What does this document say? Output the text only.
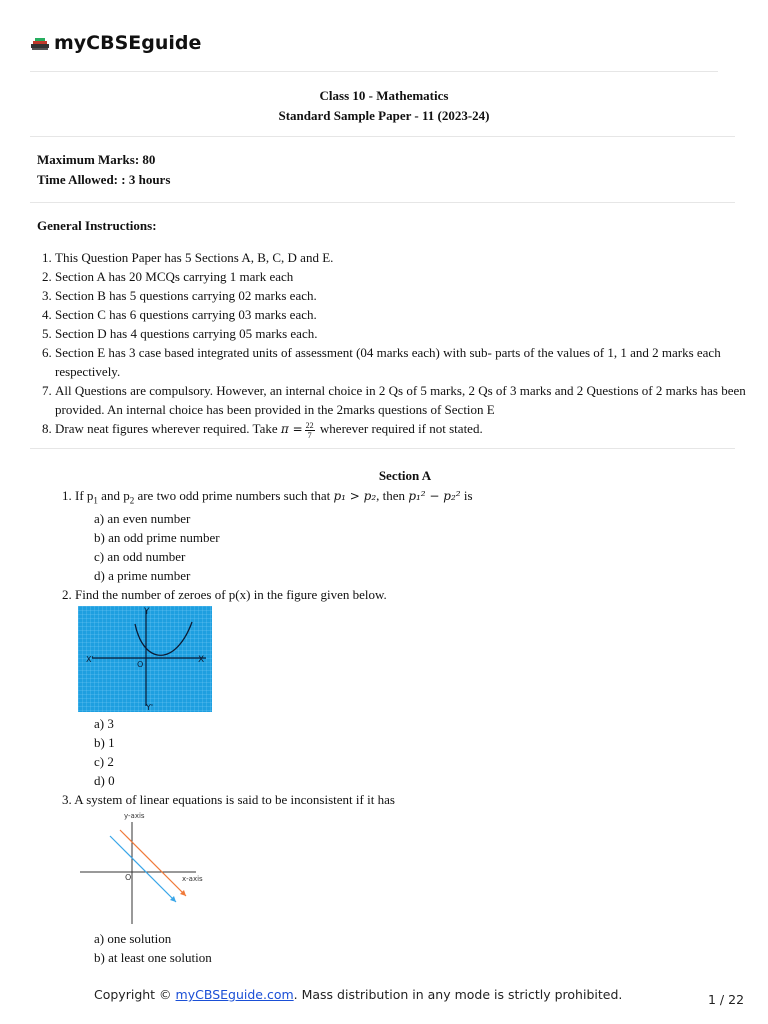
myCBSEguide
Class 10 - Mathematics
Standard Sample Paper - 11 (2023-24)
Maximum Marks: 80
Time Allowed: : 3 hours
General Instructions:
1. This Question Paper has 5 Sections A, B, C, D and E.
2. Section A has 20 MCQs carrying 1 mark each
3. Section B has 5 questions carrying 02 marks each.
4. Section C has 6 questions carrying 03 marks each.
5. Section D has 4 questions carrying 05 marks each.
6. Section E has 3 case based integrated units of assessment (04 marks each) with sub- parts of the values of 1, 1 and 2 marks each respectively.
7. All Questions are compulsory. However, an internal choice in 2 Qs of 5 marks, 2 Qs of 3 marks and 2 Questions of 2 marks has been provided. An internal choice has been provided in the 2marks questions of Section E
8. Draw neat figures wherever required. Take $\pi = \frac{22}{7}$ wherever required if not stated.
Section A
1. If $p_1$ and $p_2$ are two odd prime numbers such that p₁ > p₂, then p₁² − p₂² is
a) an even number
b) an odd prime number
c) an odd number
d) a prime number
2. Find the number of zeroes of p(x) in the figure given below.
Y
Y'
X
X'
O
a) 3
b) 1
c) 2
d) 0
3. A system of linear equations is said to be inconsistent if it has
y-axis
x-axis
O
a) one solution
b) at least one solution
Copyright © myCBSEguide.com. Mass distribution in any mode is strictly prohibited.	1 / 22
